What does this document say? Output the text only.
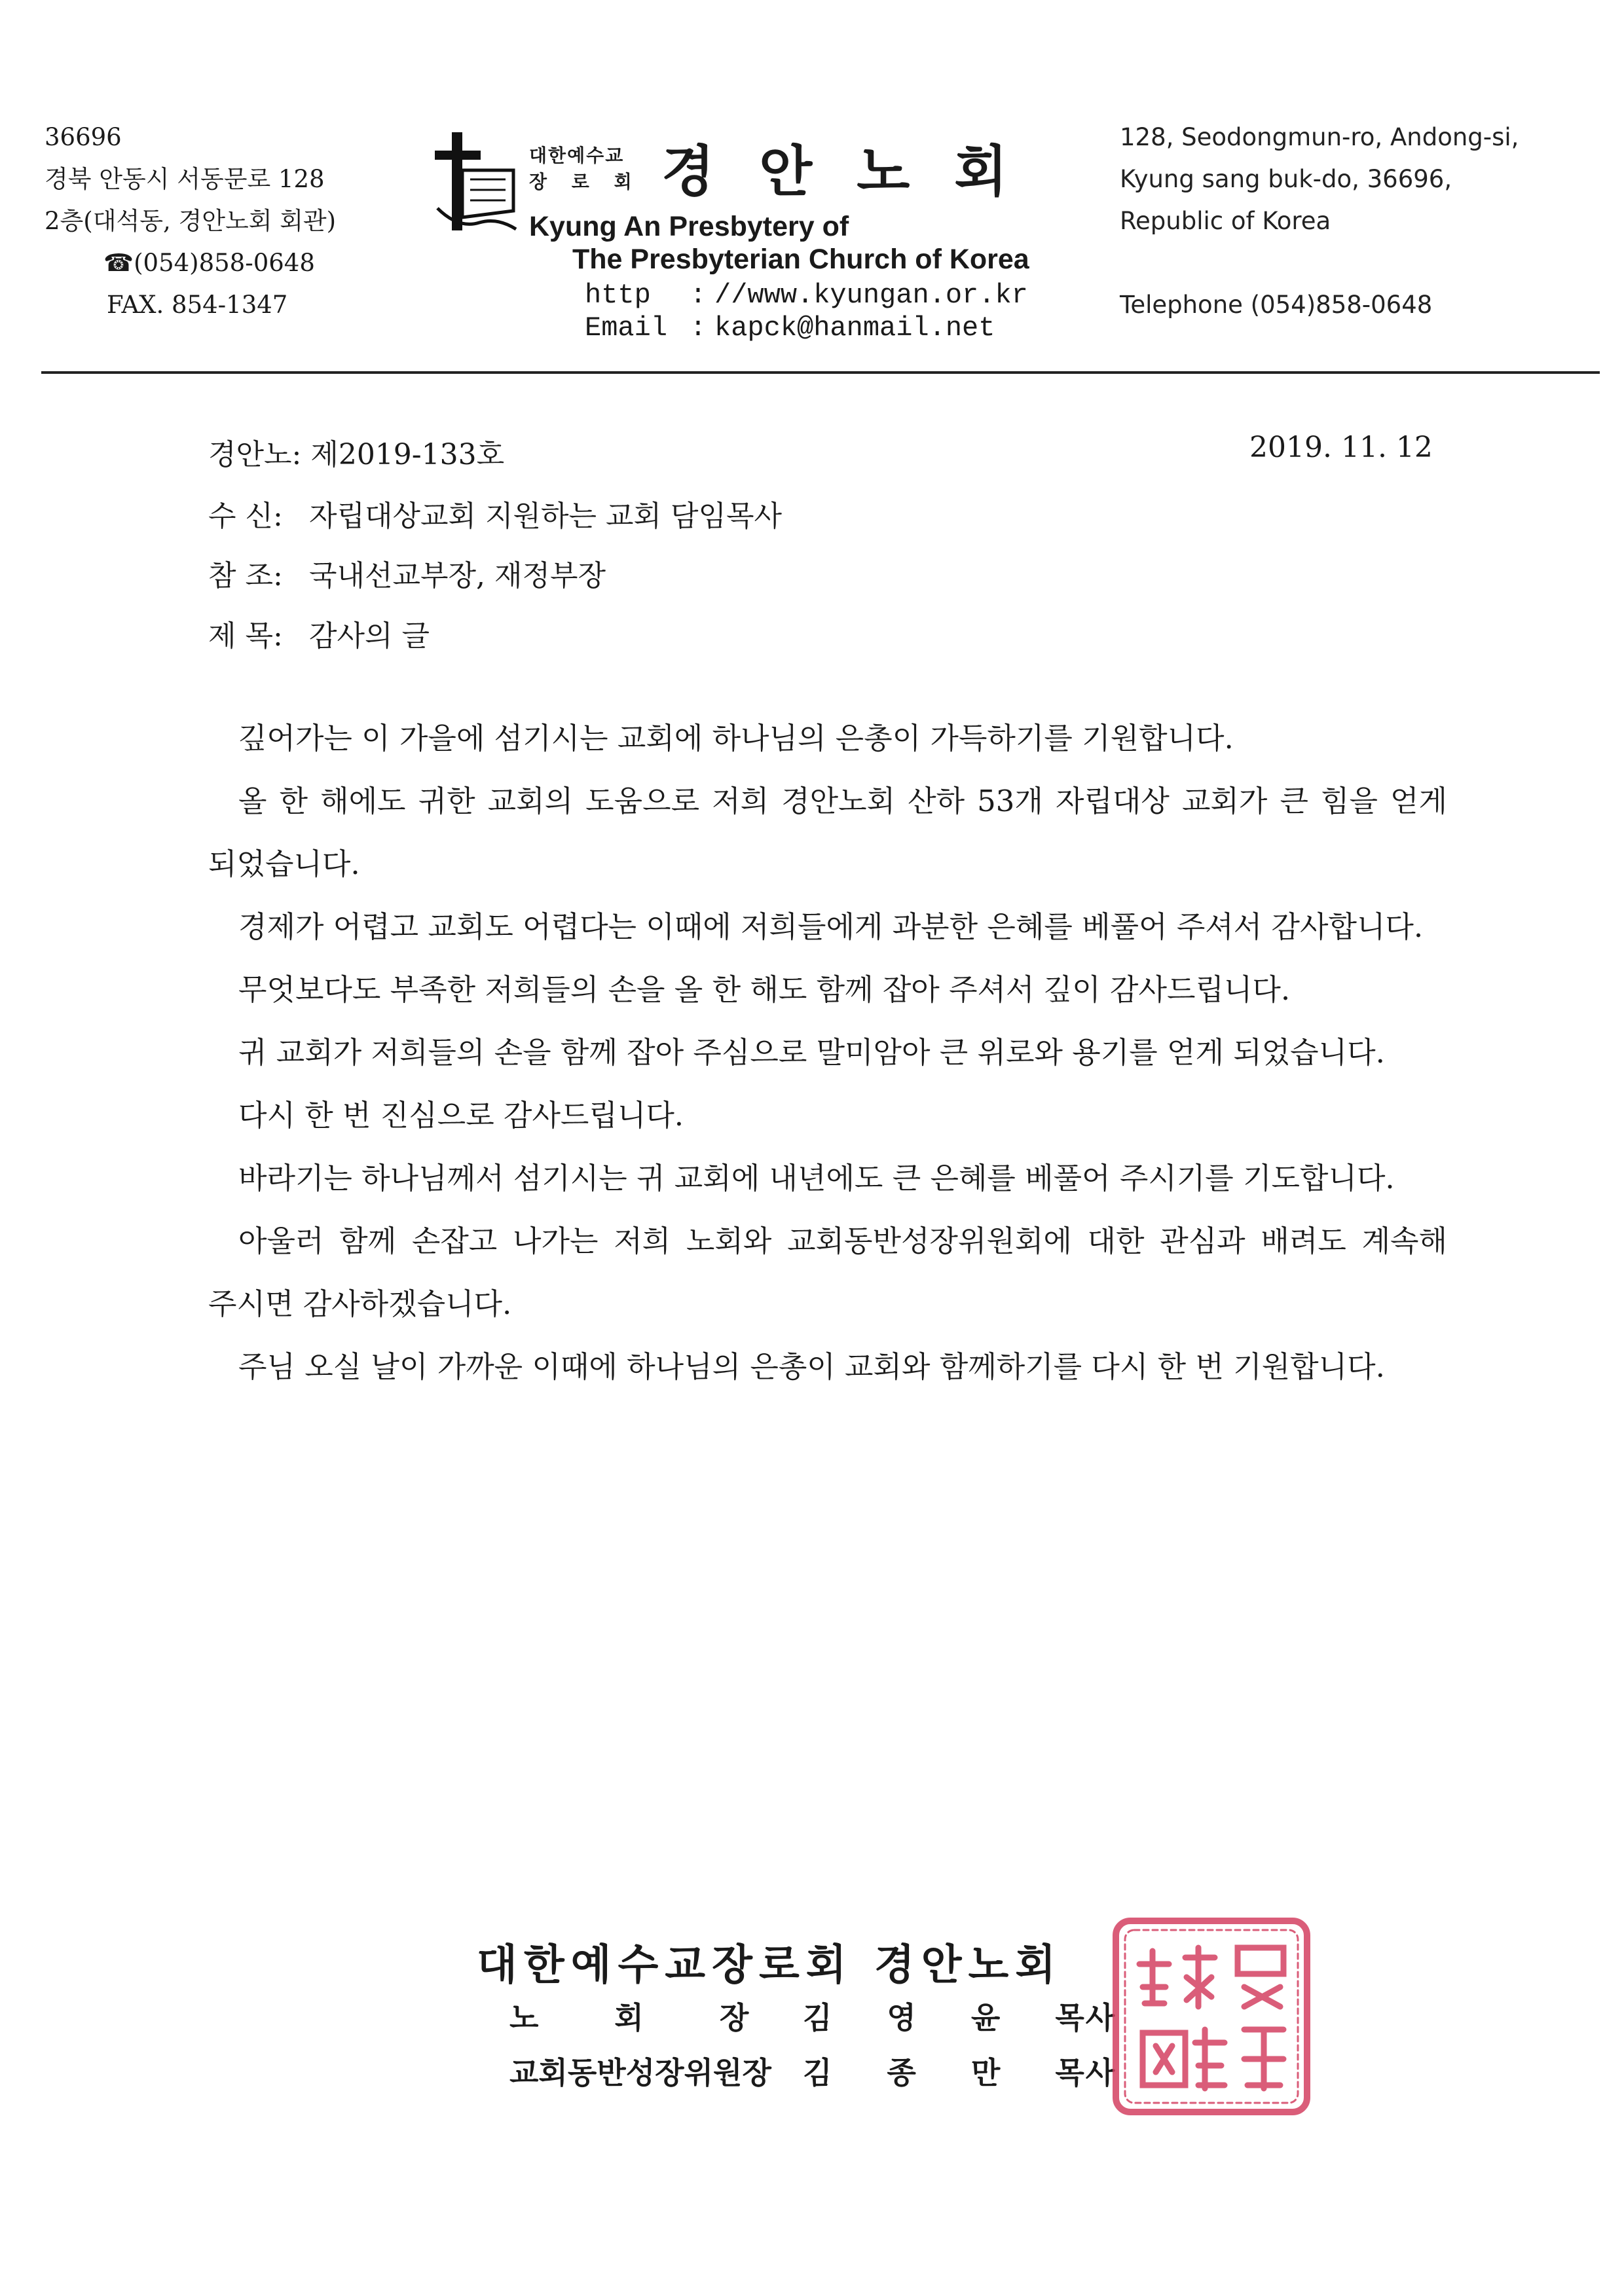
36696
경북 안동시 서동문로 128
2층(대석동, 경안노회 회관)
☎(054)858-0648
FAX. 854-1347
대한예수교
장 로 회 경안노회
Kyung An Presbytery of
The Presbyterian Church of Korea
http : //www.kyungan.or.kr
Email : kapck@hanmail.net
128, Seodongmun-ro, Andong-si,
Kyung sang buk-do, 36696,
Republic of Korea
Telephone (054)858-0648
경안노: 제2019-133호	2019. 11. 12
수 신: 자립대상교회 지원하는 교회 담임목사
참 조: 국내선교부장, 재정부장
제 목: 감사의 글

깊어가는 이 가을에 섬기시는 교회에 하나님의 은총이 가득하기를 기원합니다.

올 한 해에도 귀한 교회의 도움으로 저희 경안노회 산하 53개 자립대상 교회가 큰 힘을 얻게 되었습니다.

경제가 어렵고 교회도 어렵다는 이때에 저희들에게 과분한 은혜를 베풀어 주셔서 감사합니다.

무엇보다도 부족한 저희들의 손을 올 한 해도 함께 잡아 주셔서 깊이 감사드립니다.

귀 교회가 저희들의 손을 함께 잡아 주심으로 말미암아 큰 위로와 용기를 얻게 되었습니다.

다시 한 번 진심으로 감사드립니다.

바라기는 하나님께서 섬기시는 귀 교회에 내년에도 큰 은혜를 베풀어 주시기를 기도합니다.

아울러 함께 손잡고 나가는 저희 노회와 교회동반성장위원회에 대한 관심과 배려도 계속해 주시면 감사하겠습니다.

주님 오실 날이 가까운 이때에 하나님의 은총이 교회와 함께하기를 다시 한 번 기원합니다.

대한예수교장로회 경안노회
노회장김영윤목사
교회동반성장위원장 김종만목사
